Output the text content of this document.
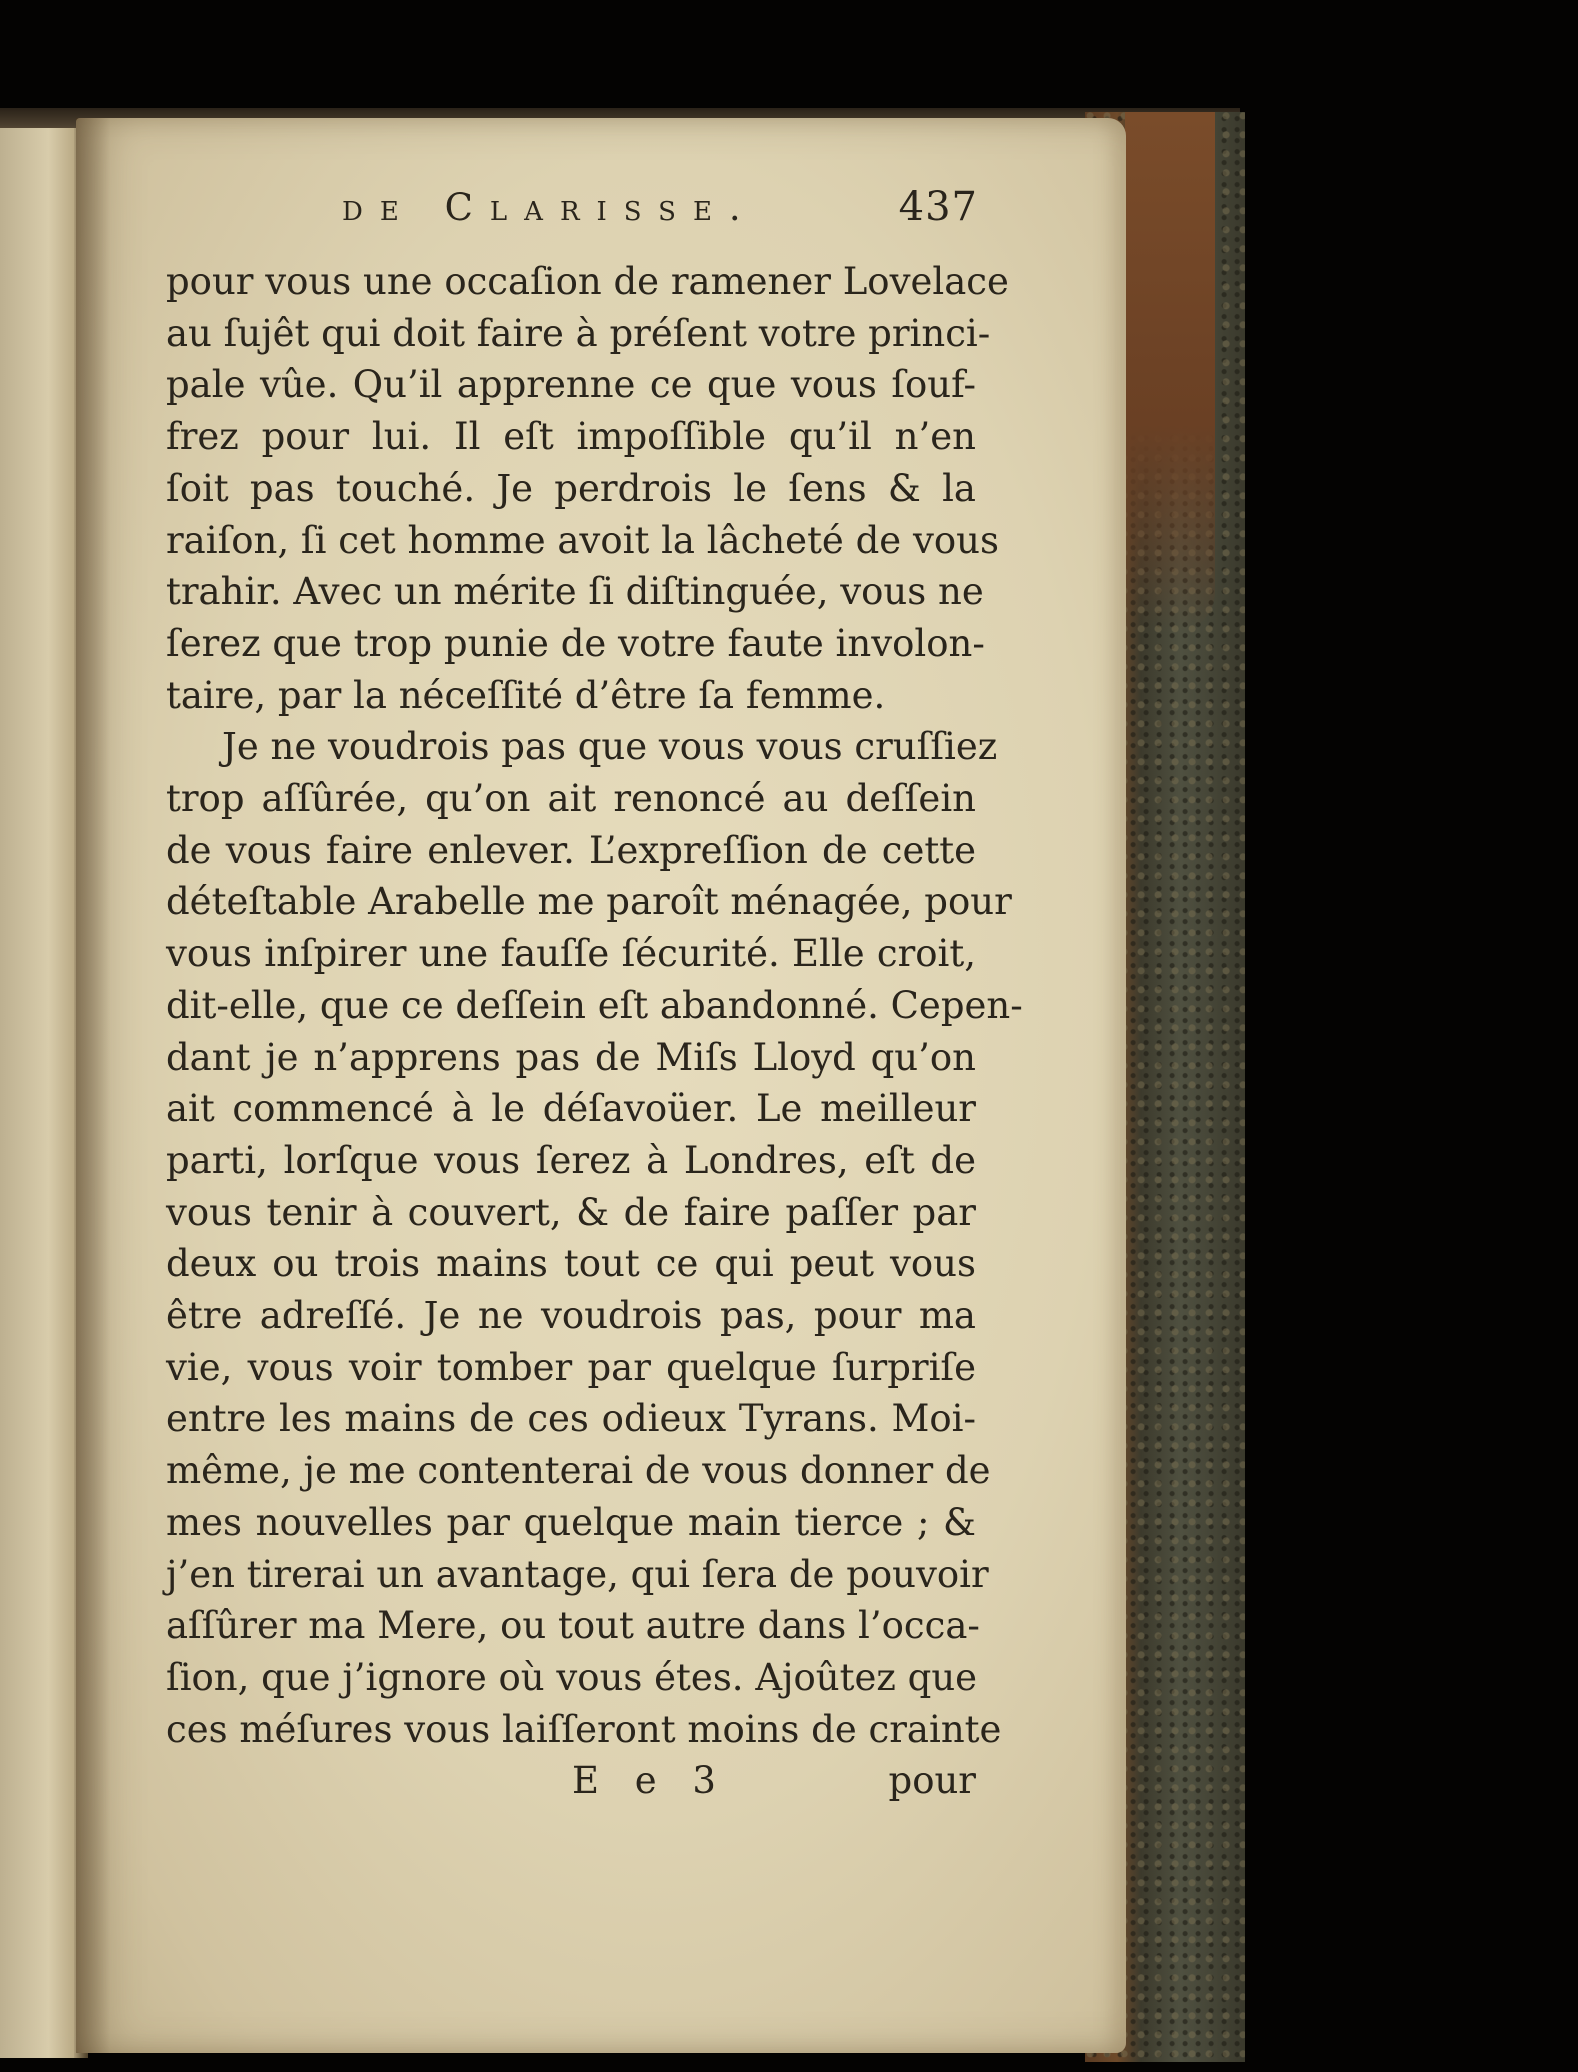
de Clarisse.	437
pour vous une occaſion de ramener Lovelace
au ſujêt qui doit faire à préſent votre princi-
pale vûe. Qu’il apprenne ce que vous ſouf-
frez pour lui. Il eſt impoſſible qu’il n’en
ſoit pas touché. Je perdrois le ſens & la
raiſon, ſi cet homme avoit la lâcheté de vous
trahir. Avec un mérite ſi diſtinguée, vous ne
ſerez que trop punie de votre faute involon-
taire, par la néceſſité d’être ſa femme.
Je ne voudrois pas que vous vous cruſſiez
trop aſſûrée, qu’on ait renoncé au deſſein
de vous faire enlever. L’expreſſion de cette
déteſtable Arabelle me paroît ménagée, pour
vous inſpirer une fauſſe ſécurité. Elle croit,
dit-elle, que ce deſſein eſt abandonné. Cepen-
dant je n’apprens pas de Miſs Lloyd qu’on
ait commencé à le déſavoüer. Le meilleur
parti, lorſque vous ſerez à Londres, eſt de
vous tenir à couvert, & de faire paſſer par
deux ou trois mains tout ce qui peut vous
être adreſſé. Je ne voudrois pas, pour ma
vie, vous voir tomber par quelque ſurpriſe
entre les mains de ces odieux Tyrans. Moi-
même, je me contenterai de vous donner de
mes nouvelles par quelque main tierce ; &
j’en tirerai un avantage, qui ſera de pouvoir
aſſûrer ma Mere, ou tout autre dans l’occa-
ſion, que j’ignore où vous étes. Ajoûtez que
ces méſures vous laiſſeront moins de crainte
E e 3	pour
